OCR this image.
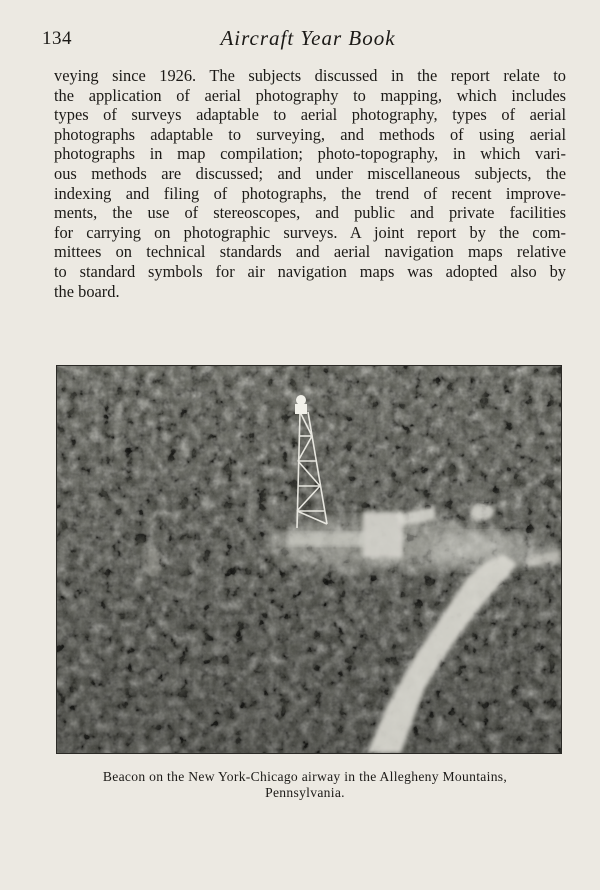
134	Aircraft Year Book

veying since 1926. The subjects discussed in the report relate to
the application of aerial photography to mapping, which includes
types of surveys adaptable to aerial photography, types of aerial
photographs adaptable to surveying, and methods of using aerial
photographs in map compilation; photo-topography, in which vari-
ous methods are discussed; and under miscellaneous subjects, the
indexing and filing of photographs, the trend of recent improve-
ments, the use of stereoscopes, and public and private facilities
for carrying on photographic surveys. A joint report by the com-
mittees on technical standards and aerial navigation maps relative
to standard symbols for air navigation maps was adopted also by
the board.

Beacon on the New York-Chicago airway in the Allegheny Mountains,
Pennsylvania.
